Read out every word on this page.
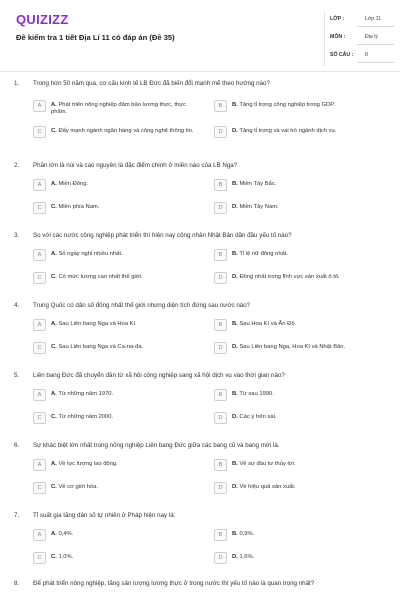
QUIZIZZ
Đề kiểm tra 1 tiết Địa Lí 11 có đáp án (Đề 35)
LỚP :	Lớp 11
MÔN :	Địa lý
SỐ CÂU : 8
1. Trong hơn 50 năm qua, cơ cấu kinh tế LB Đức đã biến đổi mạnh mẽ theo hướng nào?
A	A. Phát triển nông nghiệp đảm bảo lương thực, thực phẩm.
B	B. Tăng tỉ trọng công nghiệp trong GDP.
C	C. Đẩy mạnh ngành ngân hàng và công nghệ thông tin.	D	D. Tăng tỉ trọng và vai trò ngành dịch vụ.
2. Phần lớn là núi và cao nguyên là đặc điểm chính ở miền nào của LB Nga?
A	A. Miền Đông.	B	B. Miền Tây Bắc.
C	C. Miền phía Nam.	D	D. Miền Tây Nam.
3. So với các nước công nghiệp phát triển thì hiện nay công nhân Nhật Bản dần đầu yếu tố nào?
A	A. Số ngày nghỉ nhiều nhất.	B	B. Tỉ lệ nữ đông nhất.
C	C. Có mức lương cao nhất thế giới.	D	D. Đông nhất trong lĩnh vực sản xuất ô tô.
4. Trung Quốc có dân số đông nhất thế giới nhưng diện tích đứng sau nước nào?
A	A. Sau Liên bang Nga và Hoa Kì.	B	B. Sau Hoa Kì và Ấn Độ.
C	C. Sau Liên bang Nga và Ca-na-đa.	D	D. Sau Liên bang Nga, Hoa Kì và Nhật Bản.
5. Liên bang Đức đã chuyển dần từ xã hội công nghiệp sang xã hội dịch vụ vào thời gian nào?
A	A. Từ những năm 1970.	B	B. Từ sau 1990.
C	C. Từ những năm 2000.	D	D. Các ý trên sai.
6. Sự khác biệt lớn nhất trong nông nghiệp Liên bang Đức giữa các bang cũ và bang mới là.
A	A. Về lực lượng lao động.	B	B. Về sự đầu tư thủy lợi.
C	C. Về cơ giới hóa.	D	D. Về hiệu quả sản xuất.
7. Tỉ suất gia tăng dân số tự nhiên ở Pháp hiện nay là:
A	A. 0,4%.	B	B. 0,9%.
C	C. 1,0%.	D	D. 1,6%.
8. Để phát triển nông nghiệp, tăng sản lượng lương thực ở trong nước thì yếu tố nào là quan trọng nhất?
